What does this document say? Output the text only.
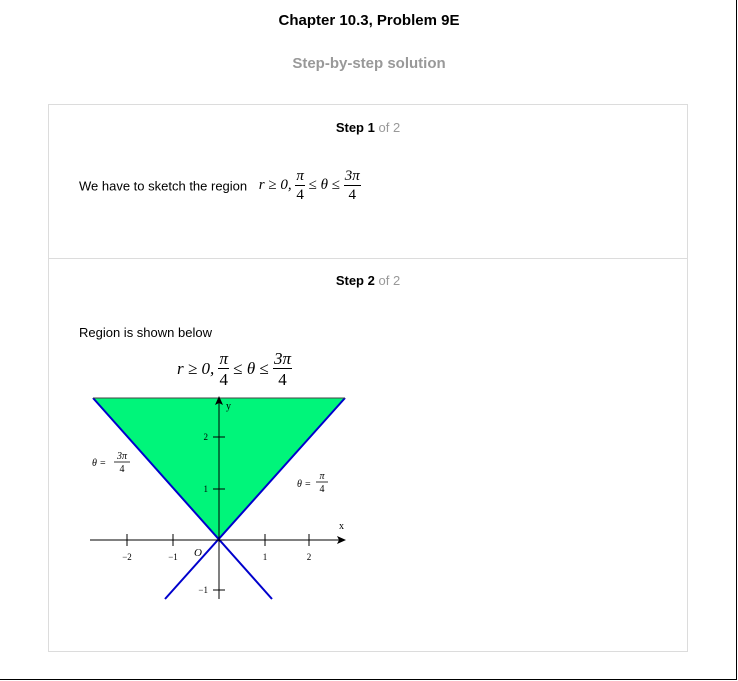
Chapter 10.3, Problem 9E
Step-by-step solution
Step 1 of 2
We have to sketch the region r ≥ 0, $\frac{\pi}{4} \le \theta \le \frac{3\pi}{4}$
Step 2 of 2
Region is shown below
r ≥ 0, $\frac{\pi}{4} \le \theta \le \frac{3\pi}{4}$
−2	−1	1	2
2
1
−1
x
y
O
θ =
3π
4
θ =
π
4
